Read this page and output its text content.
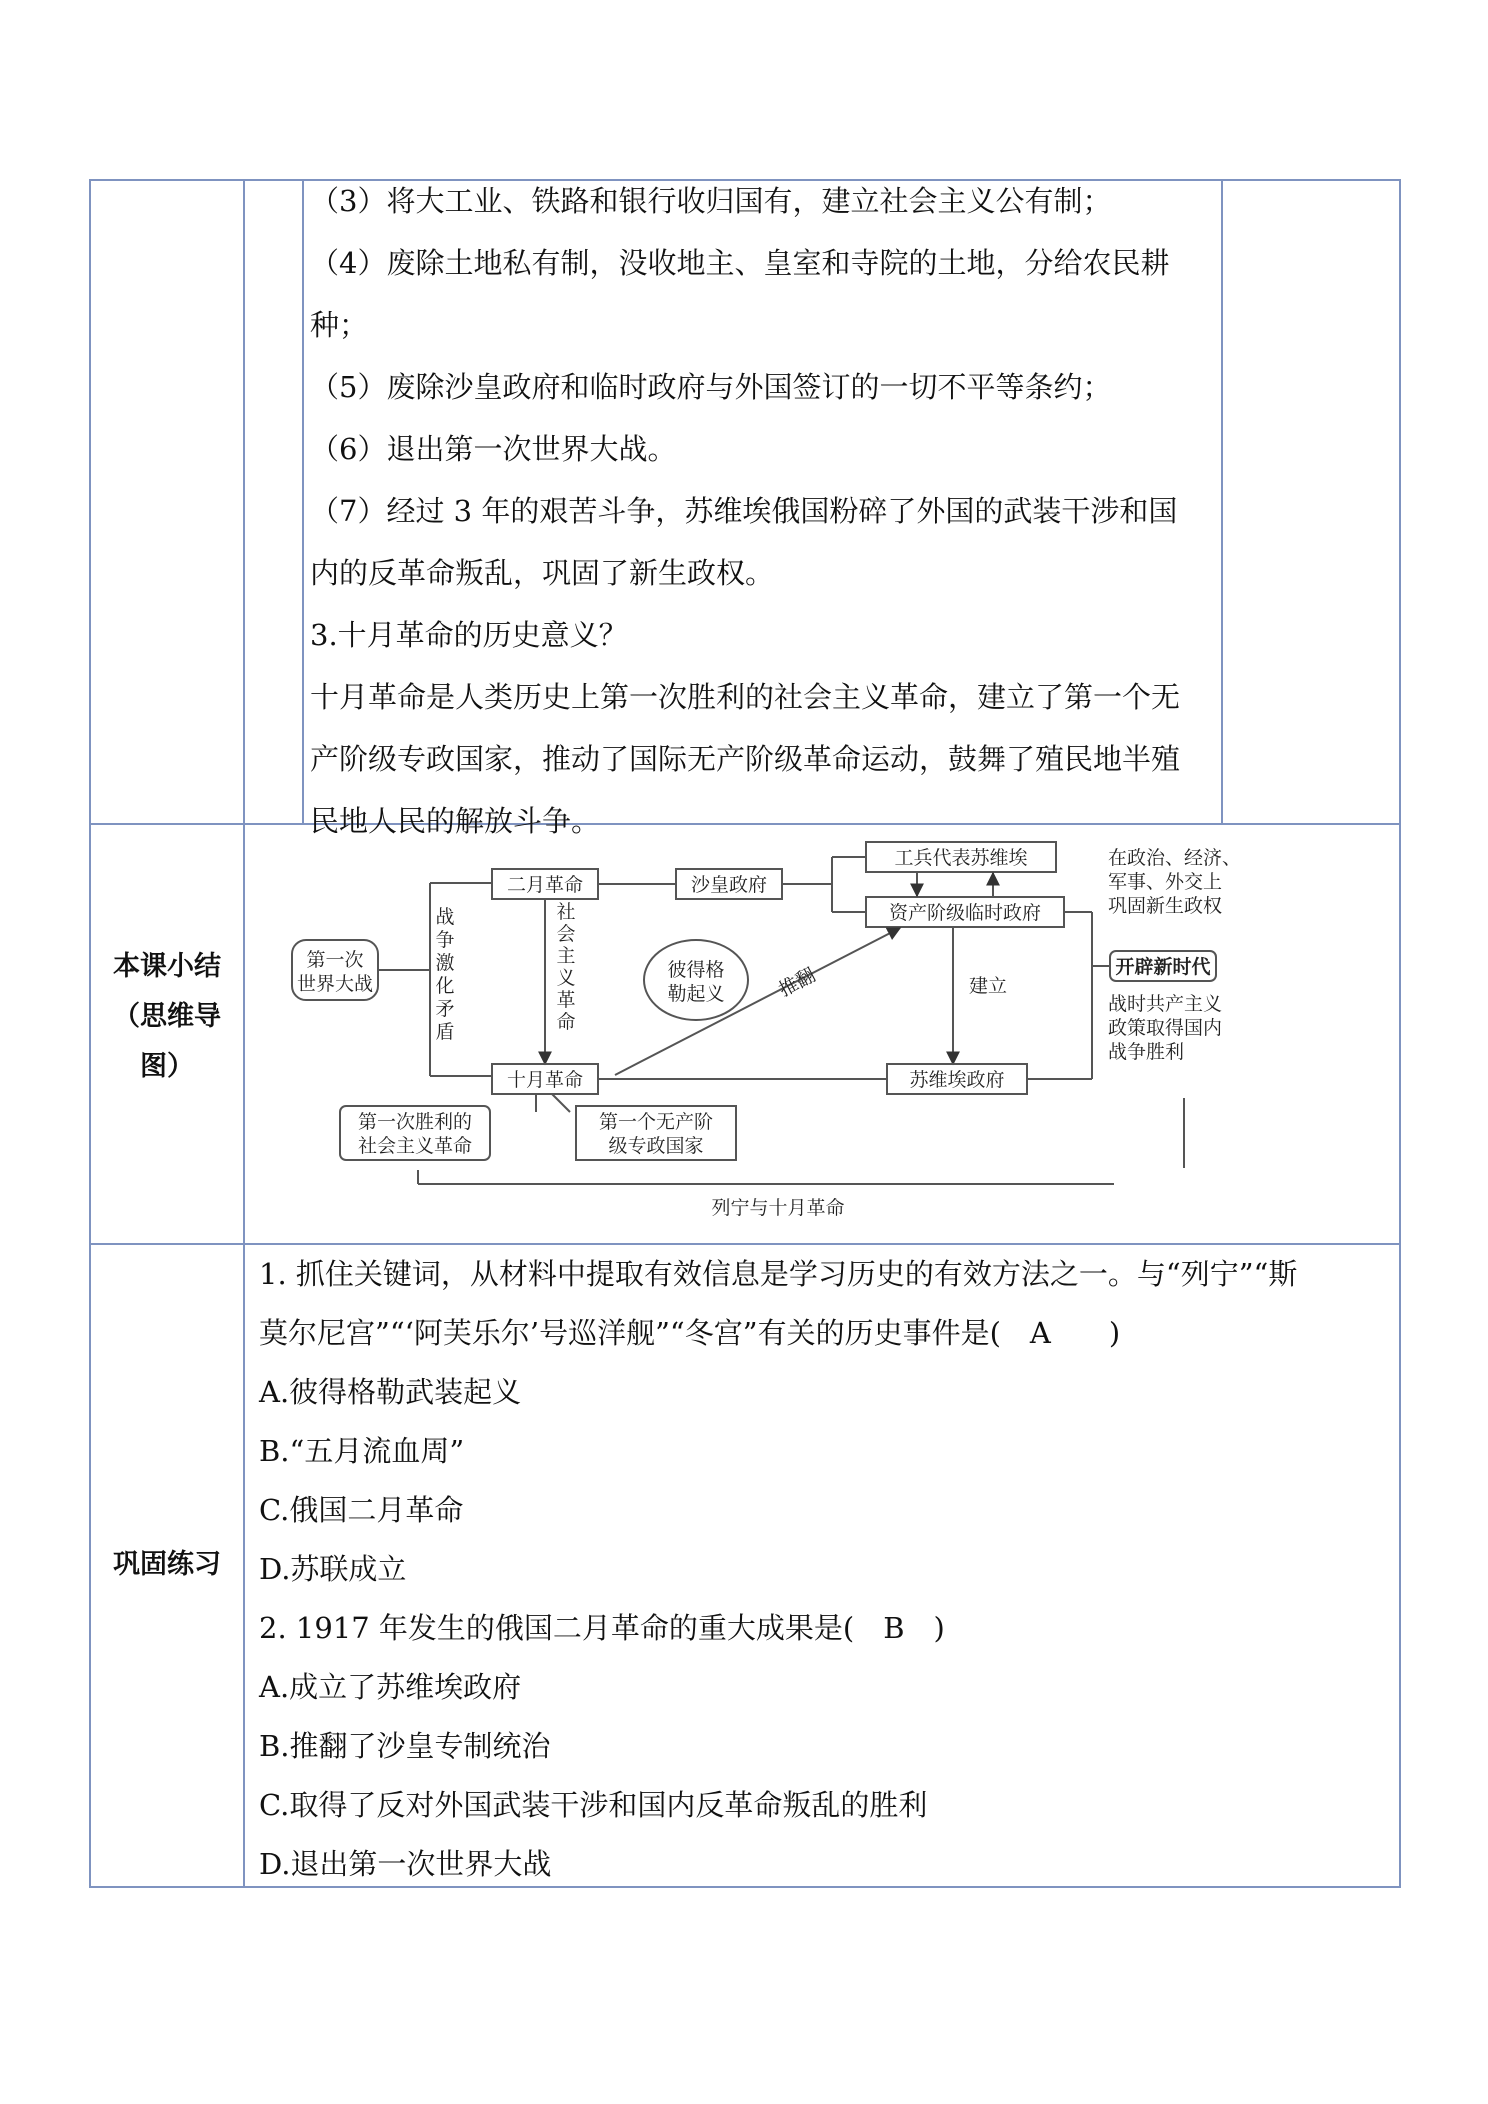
（3）将大工业、铁路和银行收归国有，建立社会主义公有制；

（4）废除土地私有制，没收地主、皇室和寺院的土地，分给农民耕

种；

（5）废除沙皇政府和临时政府与外国签订的一切不平等条约；

（6）退出第一次世界大战。

（7）经过 3 年的艰苦斗争，苏维埃俄国粉碎了外国的武装干涉和国

内的反革命叛乱，巩固了新生政权。

3.十月革命的历史意义？

十月革命是人类历史上第一次胜利的社会主义革命，建立了第一个无

产阶级专政国家，推动了国际无产阶级革命运动，鼓舞了殖民地半殖

民地人民的解放斗争。

本课小结
（思维导
图）
第一次
世界大战
战
争
激
化
矛
盾
二月革命	沙皇政府
工兵代表苏维埃
资产阶级临时政府
社
会
主
义
革
命
彼得格
勒起义	推翻	建立
十月革命	苏维埃政府
第一次胜利的
社会主义革命
第一个无产阶
级专政国家
在政治、经济、
军事、外交上
巩固新生政权
开辟新时代
战时共产主义
政策取得国内
战争胜利
列宁与十月革命
巩固练习

1. 抓住关键词，从材料中提取有效信息是学习历史的有效方法之一。与“列宁”“斯

莫尔尼宫”“‘阿芙乐尔’号巡洋舰”“冬宫”有关的历史事件是(　A　　)

A.彼得格勒武装起义

B.“五月流血周”

C.俄国二月革命

D.苏联成立

2. 1917 年发生的俄国二月革命的重大成果是(　B　)

A.成立了苏维埃政府

B.推翻了沙皇专制统治

C.取得了反对外国武装干涉和国内反革命叛乱的胜利

D.退出第一次世界大战
